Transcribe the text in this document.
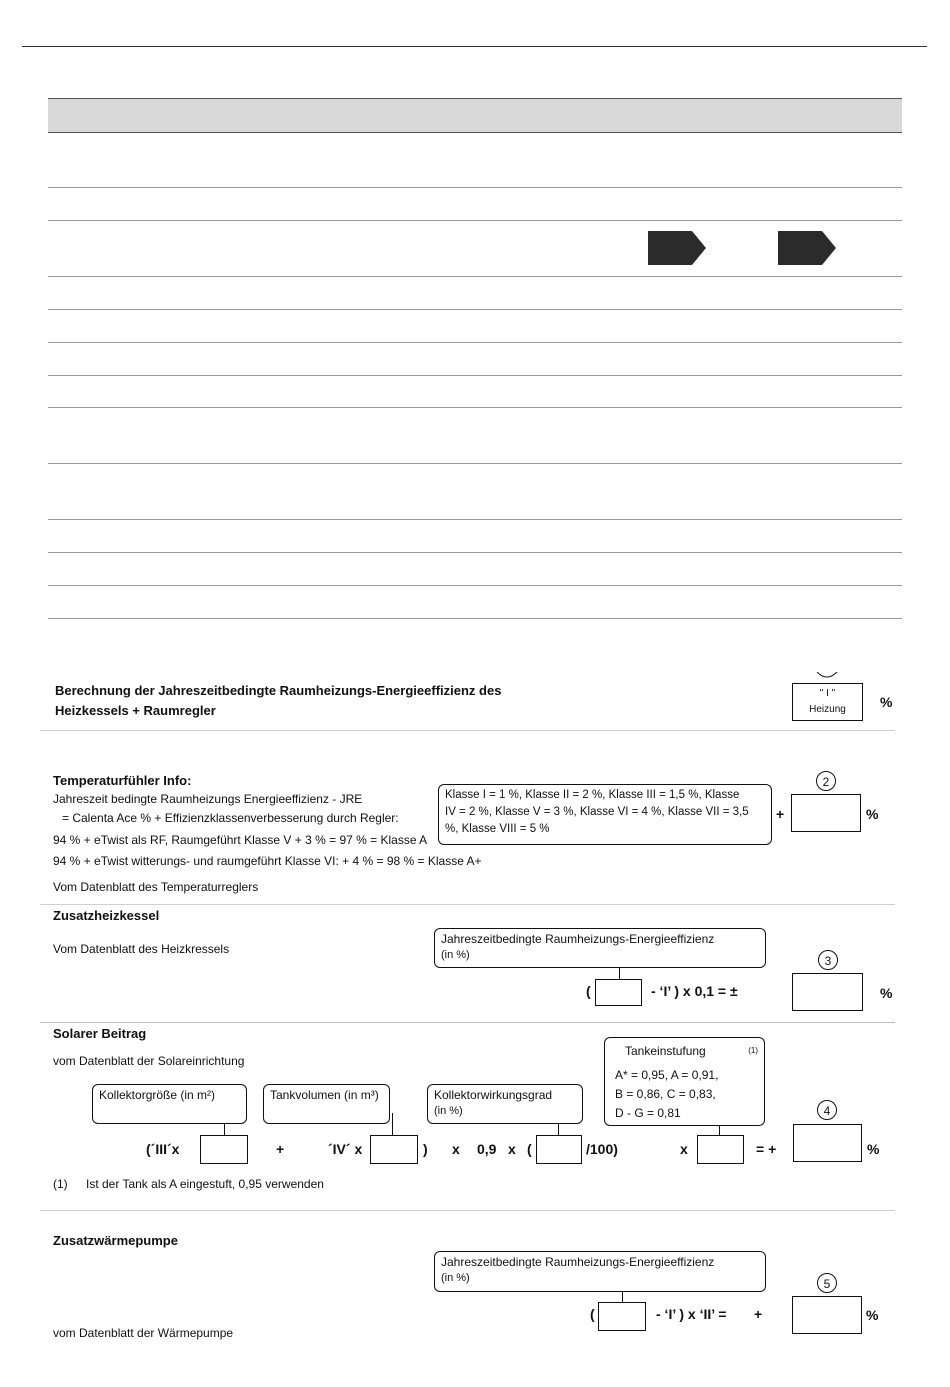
Berechnung der Jahreszeitbedingte Raumheizungs-Energieeffizienz des
Heizkessels + Raumregler
" I "
Heizung	%
Temperaturfühler Info:
Jahreszeit bedingte Raumheizungs Energieeffizienz - JRE
= Calenta Ace % + Effizienzklassenverbesserung durch Regler:
94 % + eTwist als RF, Raumgeführt Klasse V + 3 % = 97 % = Klasse A
94 % + eTwist witterungs- und raumgeführt Klasse VI: + 4 % = 98 % = Klasse A+
Vom Datenblatt des Temperaturreglers
Klasse I = 1 %, Klasse II = 2 %, Klasse III = 1,5 %, Klasse
IV = 2 %, Klasse V = 3 %, Klasse VI = 4 %, Klasse VII = 3,5
%, Klasse VIII = 5 %
+
2
%
Zusatzheizkessel
Vom Datenblatt des Heizkressels
Jahreszeitbedingte Raumheizungs-Energieeffizienz
(in %)
(	- ‘I’ ) x 0,1 = ±
3
%
Solarer Beitrag
vom Datenblatt der Solareinrichtung
Tankeinstufung	(1)
A* = 0,95, A = 0,91,
B = 0,86, C = 0,83,
D - G = 0,81
Kollektorgröße (in m²)	Tankvolumen (in m³)	Kollektorwirkungsgrad
(in %)
(´III´x	+	´IV´ x	) x 0,9 x (	/100)	x	= +
4
%
(1) Ist der Tank als A eingestuft, 0,95 verwenden
Zusatzwärmepumpe
Jahreszeitbedingte Raumheizungs-Energieeffizienz
(in %)
(	- ‘I’ ) x ‘II’ = +
5
%
vom Datenblatt der Wärmepumpe
